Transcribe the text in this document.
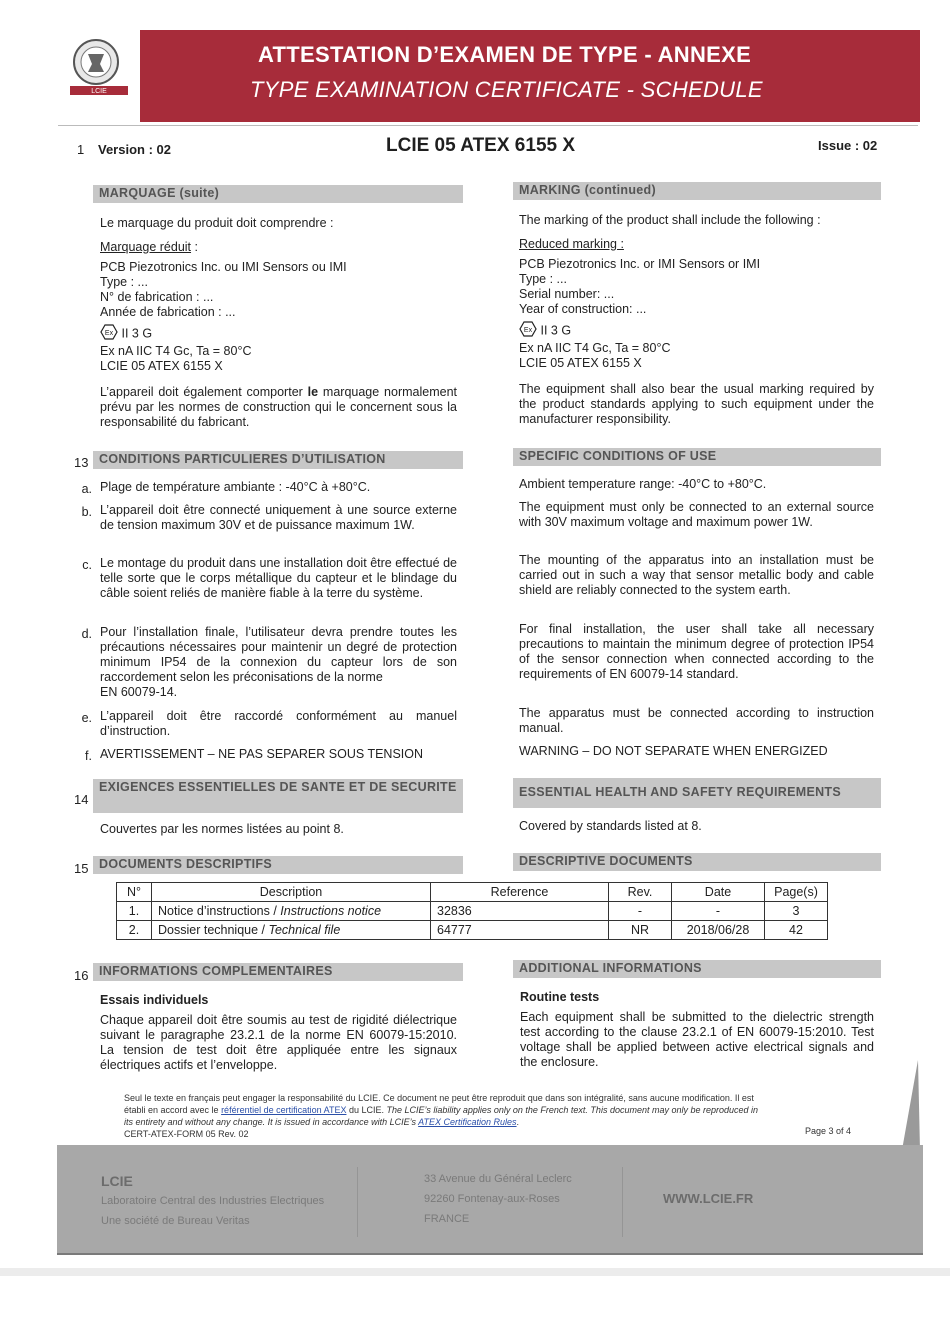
ATTESTATION D’EXAMEN DE TYPE - ANNEXE
TYPE EXAMINATION CERTIFICATE - SCHEDULE
LCIE
1 Version : 02	LCIE 05 ATEX 6155 X	Issue : 02
MARQUAGE (suite)	MARKING (continued)
Le marquage du produit doit comprendre :	The marking of the product shall include the following :
Marquage réduit :	Reduced marking :
PCB Piezotronics Inc. ou IMI Sensors ou IMI
Type : ...
N° de fabrication : ...
Année de fabrication : ...
PCB Piezotronics Inc. or IMI Sensors or IMI
Type : ...
Serial number: ...
Year of construction: ...
Ex II 3 G
Ex nA IIC T4 Gc, Ta = 80°C
LCIE 05 ATEX 6155 X
Ex II 3 G
Ex nA IIC T4 Gc, Ta = 80°C
LCIE 05 ATEX 6155 X
L’appareil doit également comporter le marquage normalement prévu par les normes de construction qui le concernent sous la responsabilité du fabricant.
The equipment shall also bear the usual marking required by the product standards applying to such equipment under the manufacturer responsibility.
13 CONDITIONS PARTICULIERES D’UTILISATION	SPECIFIC CONDITIONS OF USE
a. Plage de température ambiante : -40°C à +80°C.	Ambient temperature range: -40°C to +80°C.
b. L’appareil doit être connecté uniquement à une source externe de tension maximum 30V et de puissance maximum 1W.
The equipment must only be connected to an external source with 30V maximum voltage and maximum power 1W.
c. Le montage du produit dans une installation doit être effectué de telle sorte que le corps métallique du capteur et le blindage du câble soient reliés de manière fiable à la terre du système.
The mounting of the apparatus into an installation must be carried out in such a way that sensor metallic body and cable shield are reliably connected to the system earth.
d. Pour l’installation finale, l’utilisateur devra prendre toutes les précautions nécessaires pour maintenir un degré de protection minimum IP54 de la connexion du capteur lors de son raccordement selon les préconisations de la norme
EN 60079-14.
For final installation, the user shall take all necessary precautions to maintain the minimum degree of protection IP54 of the sensor connection when connected according to the requirements of EN 60079-14 standard.
e. L’appareil doit être raccordé conformément au manuel d’instruction.
The apparatus must be connected according to instruction manual.
f. AVERTISSEMENT – NE PAS SEPARER SOUS TENSION	WARNING – DO NOT SEPARATE WHEN ENERGIZED
14
EXIGENCES ESSENTIELLES DE SANTE ET DE SECURITE	ESSENTIAL HEALTH AND SAFETY REQUIREMENTS
Couvertes par les normes listées au point 8.	Covered by standards listed at 8.
15 DOCUMENTS DESCRIPTIFS	DESCRIPTIVE DOCUMENTS
N°	Description	Reference	Rev.	Date	Page(s)
1.	Notice d’instructions / Instructions notice	32836	-	-	3
2.	Dossier technique / Technical file	64777	NR	2018/06/28	42
16 INFORMATIONS COMPLEMENTAIRES	ADDITIONAL INFORMATIONS
Essais individuels	Routine tests
Chaque appareil doit être soumis au test de rigidité diélectrique suivant le paragraphe 23.2.1 de la norme EN 60079-15:2010. La tension de test doit être appliquée entre les signaux électriques actifs et l’enveloppe.
Each equipment shall be submitted to the dielectric strength test according to the clause 23.2.1 of EN 60079-15:2010. Test voltage shall be applied between active electrical signals and the enclosure.
Seul le texte en français peut engager la responsabilité du LCIE. Ce document ne peut être reproduit que dans son intégralité, sans aucune modification. Il est
établi en accord avec le référentiel de certification ATEX du LCIE. The LCIE’s liability applies only on the French text. This document may only be reproduced in
its entirety and without any change. It is issued in accordance with LCIE’s ATEX Certification Rules.
CERT-ATEX-FORM 05 Rev. 02	Page 3 of 4
LCIE
Laboratoire Central des Industries Electriques
Une société de Bureau Veritas
33 Avenue du Général Leclerc
92260 Fontenay-aux-Roses
FRANCE
WWW.LCIE.FR
